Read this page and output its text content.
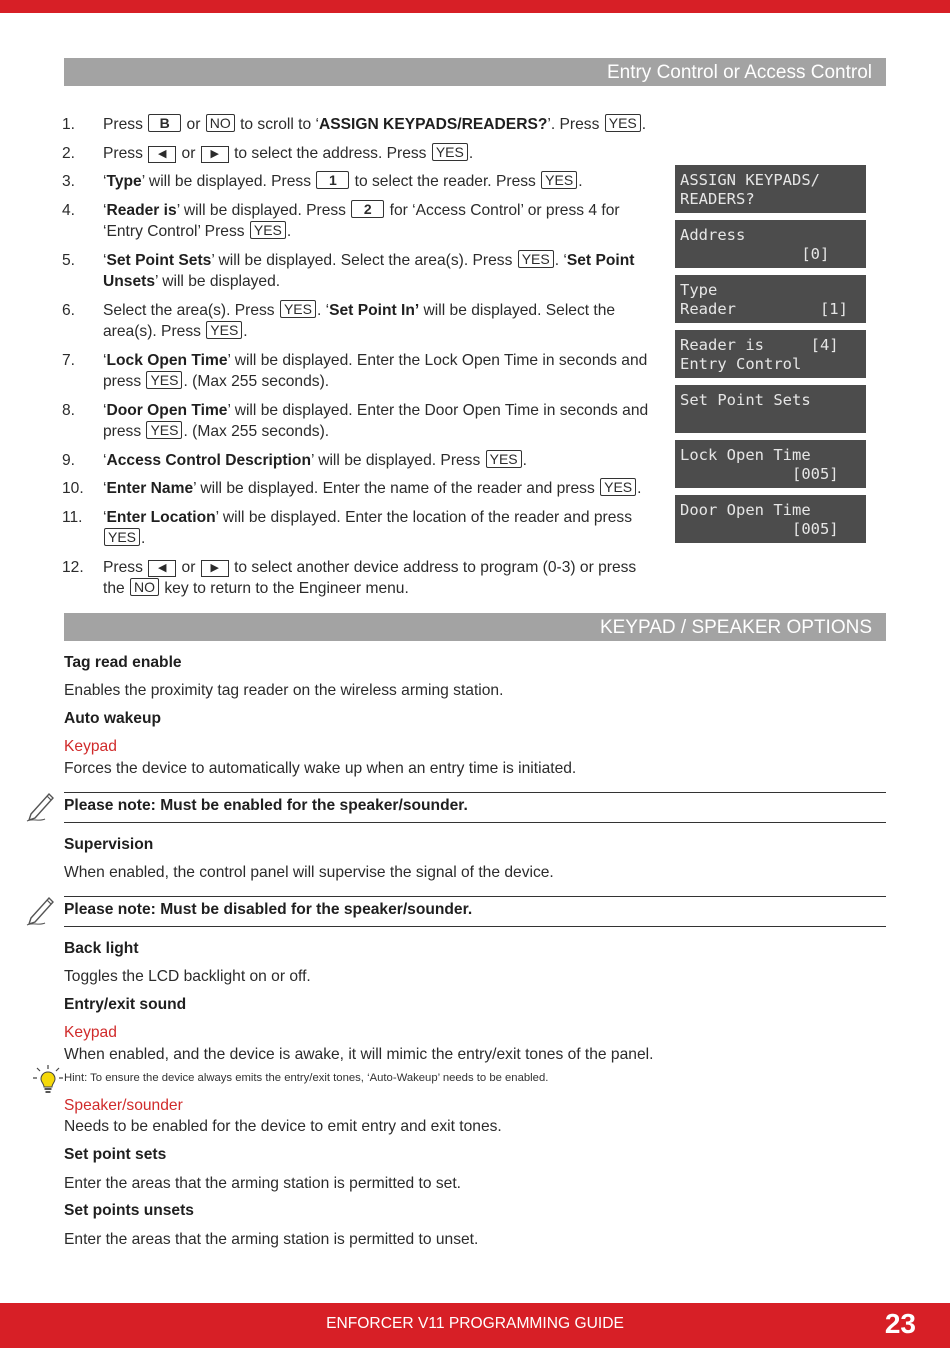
Entry Control or Access Control
1. Press B or NO to scroll to ‘ASSIGN KEYPADS/READERS?’. Press YES .
2. Press ◀ or ▶ to select the address. Press YES .
3. ‘Type’ will be displayed. Press 1 to select the reader. Press YES .
4. ‘Reader is’ will be displayed. Press 2 for ‘Access Control’ or press 4 for ‘Entry Control’ Press YES .
5. ‘Set Point Sets’ will be displayed. Select the area(s). Press YES . ‘Set Point Unsets’ will be displayed.
6. Select the area(s). Press YES . ‘Set Point In’ will be displayed. Select the area(s). Press YES .
7. ‘Lock Open Time’ will be displayed. Enter the Lock Open Time in seconds and press YES . (Max 255 seconds).
8. ‘Door Open Time’ will be displayed. Enter the Door Open Time in seconds and press YES . (Max 255 seconds).
9. ‘Access Control Description’ will be displayed. Press YES .
10. ‘Enter Name’ will be displayed. Enter the name of the reader and press YES .
11. ‘Enter Location’ will be displayed. Enter the location of the reader and press YES .
12. Press ◀ or ▶ to select another device address to program (0-3) or press the NO key to return to the Engineer menu.
ASSIGN KEYPADS/
READERS?
Address
[0]
Type
Reader         [1]
Reader is     [4]
Entry Control
Set Point Sets
Lock Open Time
[005]
Door Open Time
[005]
KEYPAD / SPEAKER OPTIONS
Tag read enable
Enables the proximity tag reader on the wireless arming station.
Auto wakeup
Keypad
Forces the device to automatically wake up when an entry time is initiated.
Please note: Must be enabled for the speaker/sounder.
Supervision
When enabled, the control panel will supervise the signal of the device.
Please note: Must be disabled for the speaker/sounder.
Back light
Toggles the LCD backlight on or off.
Entry/exit sound
Keypad
When enabled, and the device is awake, it will mimic the entry/exit tones of the panel.
Hint: To ensure the device always emits the entry/exit tones, ‘Auto-Wakeup’ needs to be enabled.
Speaker/sounder
Needs to be enabled for the device to emit entry and exit tones.
Set point sets
Enter the areas that the arming station is permitted to set.
Set points unsets
Enter the areas that the arming station is permitted to unset.
ENFORCER V11 PROGRAMMING GUIDE	23
